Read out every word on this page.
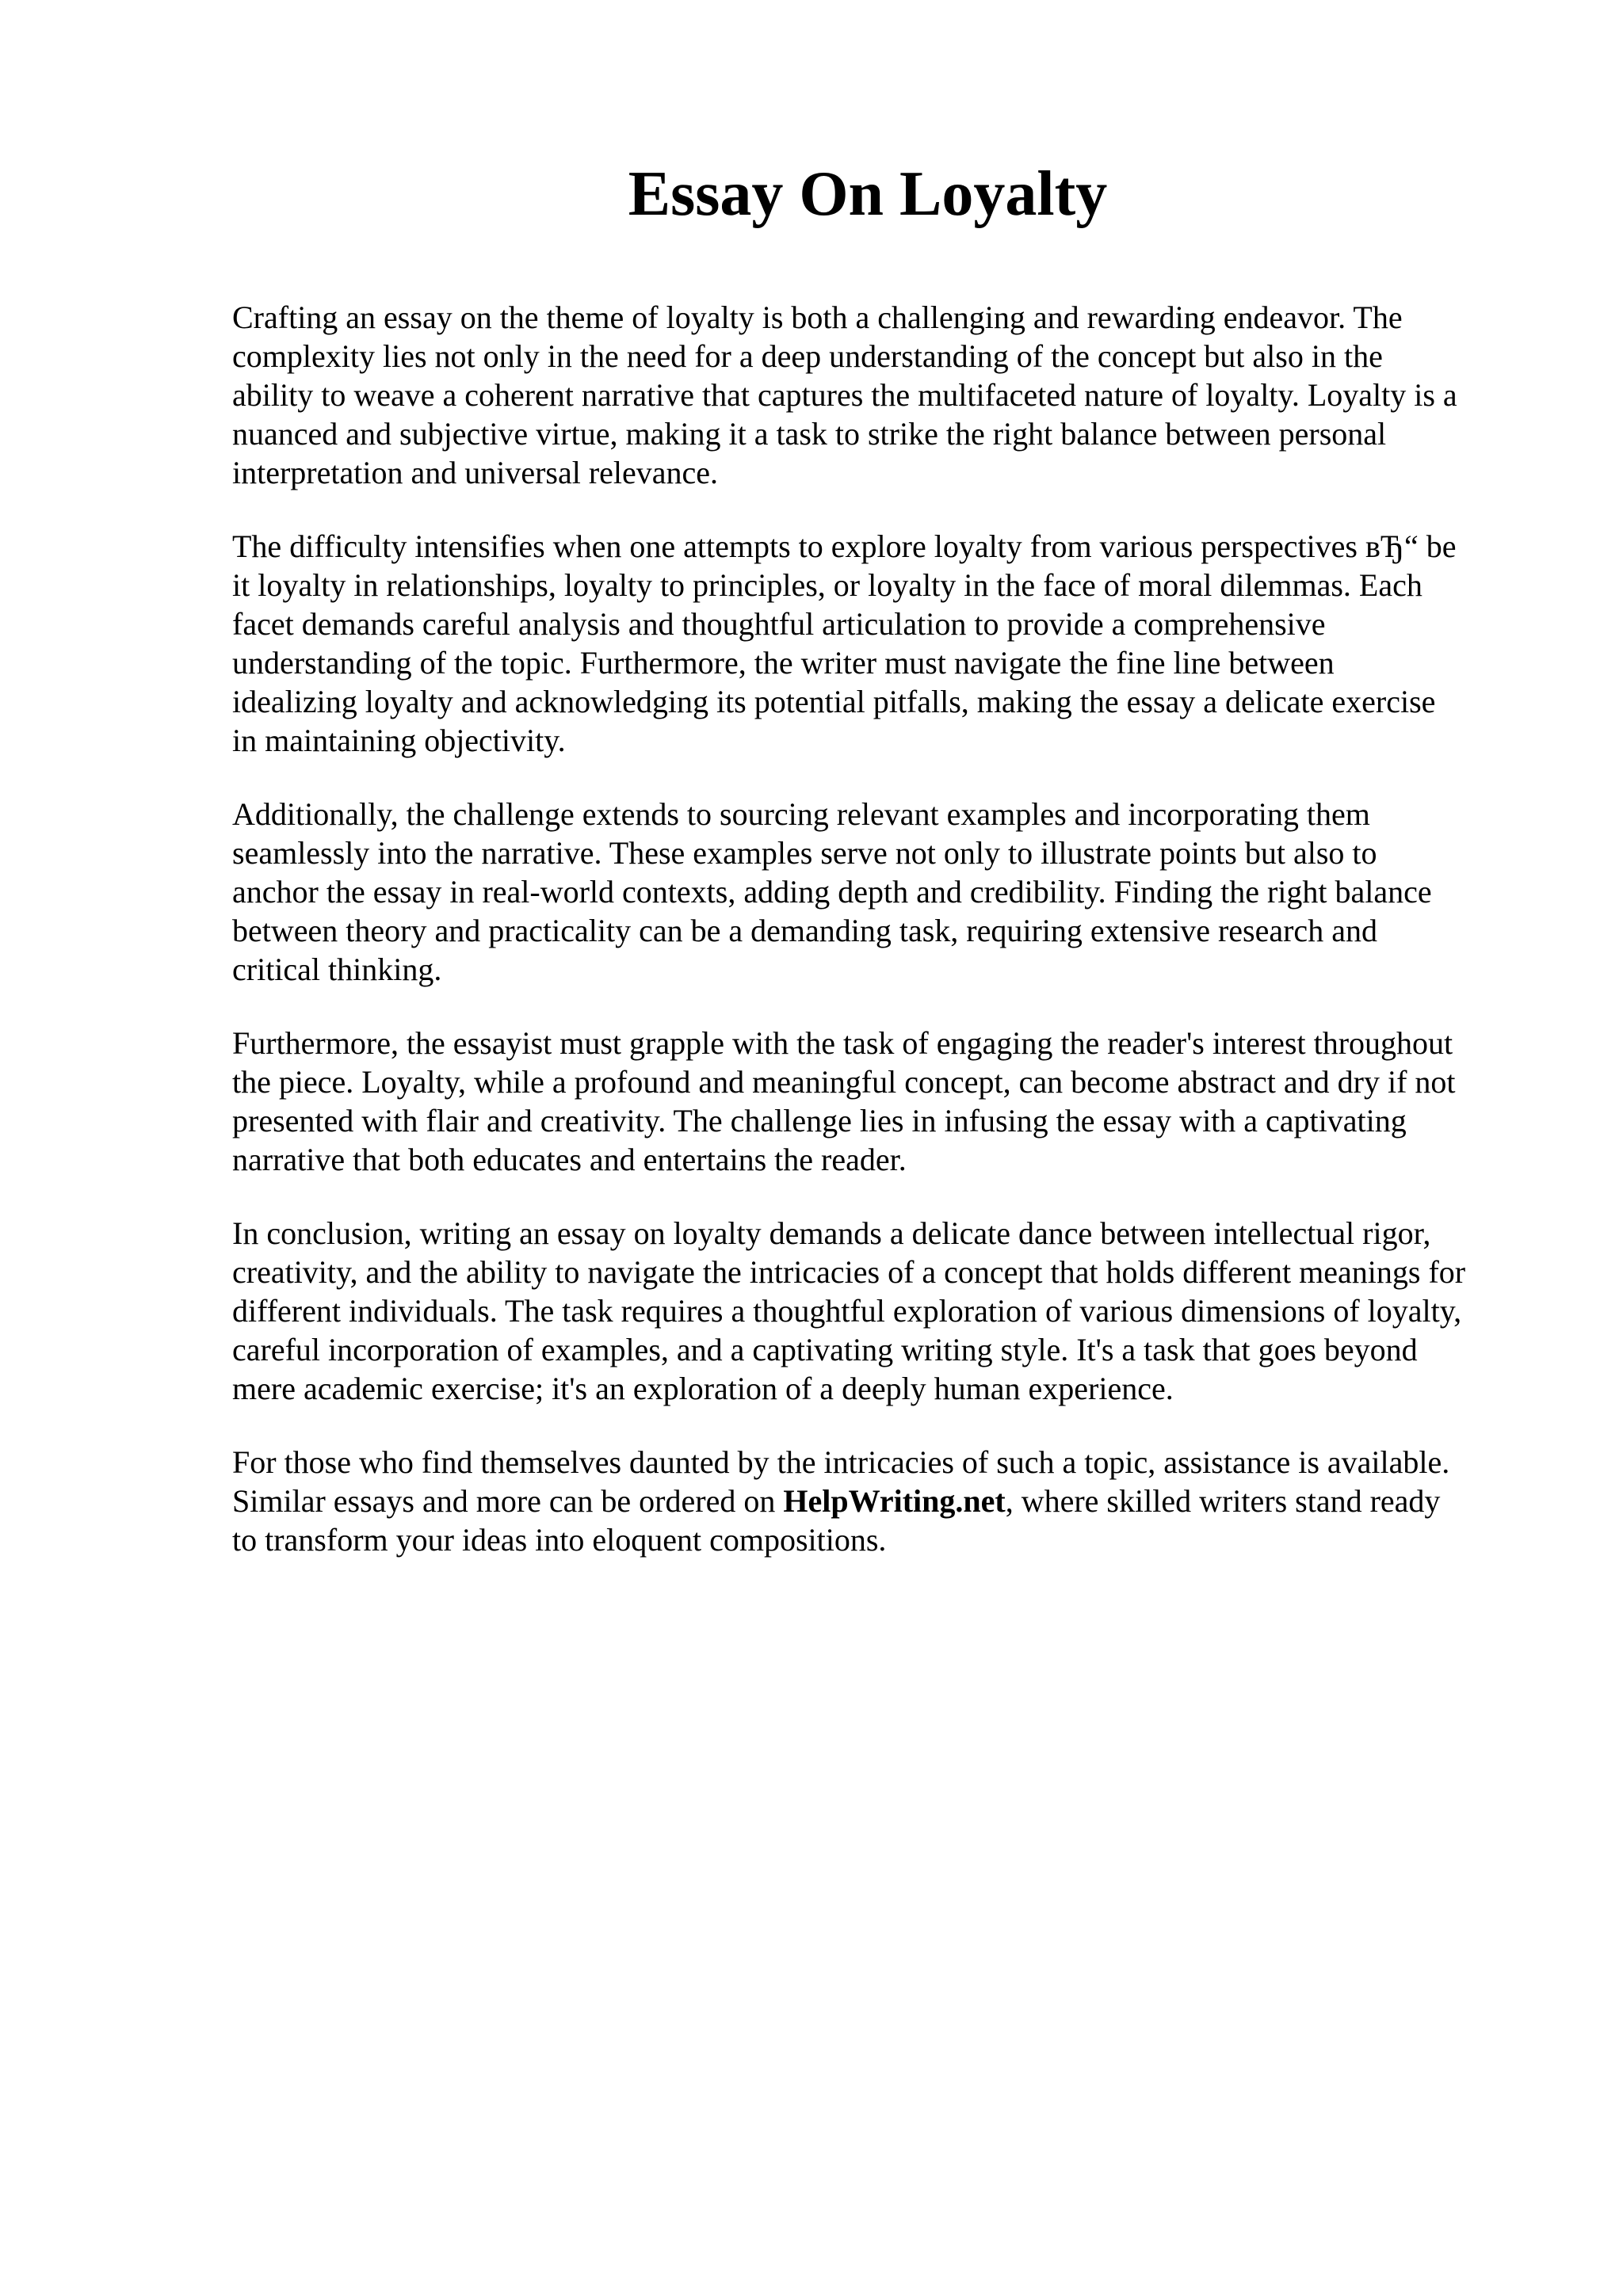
Essay On Loyalty

Crafting an essay on the theme of loyalty is both a challenging and rewarding endeavor. The
complexity lies not only in the need for a deep understanding of the concept but also in the
ability to weave a coherent narrative that captures the multifaceted nature of loyalty. Loyalty is a
nuanced and subjective virtue, making it a task to strike the right balance between personal
interpretation and universal relevance.

The difficulty intensifies when one attempts to explore loyalty from various perspectives вЂ“ be
it loyalty in relationships, loyalty to principles, or loyalty in the face of moral dilemmas. Each
facet demands careful analysis and thoughtful articulation to provide a comprehensive
understanding of the topic. Furthermore, the writer must navigate the fine line between
idealizing loyalty and acknowledging its potential pitfalls, making the essay a delicate exercise
in maintaining objectivity.

Additionally, the challenge extends to sourcing relevant examples and incorporating them
seamlessly into the narrative. These examples serve not only to illustrate points but also to
anchor the essay in real-world contexts, adding depth and credibility. Finding the right balance
between theory and practicality can be a demanding task, requiring extensive research and
critical thinking.

Furthermore, the essayist must grapple with the task of engaging the reader's interest throughout
the piece. Loyalty, while a profound and meaningful concept, can become abstract and dry if not
presented with flair and creativity. The challenge lies in infusing the essay with a captivating
narrative that both educates and entertains the reader.

In conclusion, writing an essay on loyalty demands a delicate dance between intellectual rigor,
creativity, and the ability to navigate the intricacies of a concept that holds different meanings for
different individuals. The task requires a thoughtful exploration of various dimensions of loyalty,
careful incorporation of examples, and a captivating writing style. It's a task that goes beyond
mere academic exercise; it's an exploration of a deeply human experience.

For those who find themselves daunted by the intricacies of such a topic, assistance is available.
Similar essays and more can be ordered on HelpWriting.net, where skilled writers stand ready
to transform your ideas into eloquent compositions.
